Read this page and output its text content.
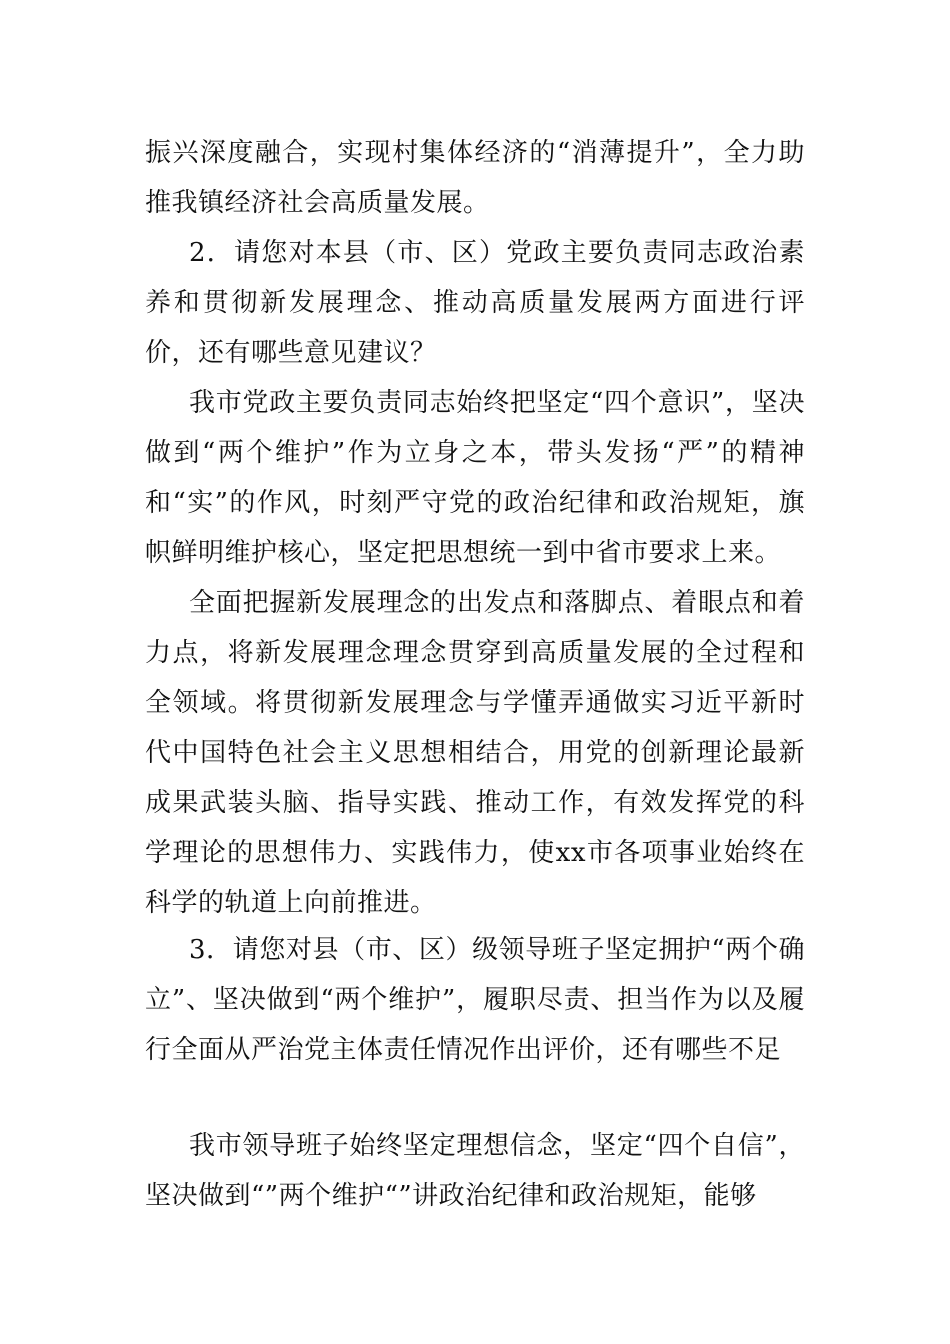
振兴深度融合，实现村集体经济的“消薄提升”，全力助推我镇经济社会高质量发展。

2．请您对本县（市、区）党政主要负责同志政治素养和贯彻新发展理念、推动高质量发展两方面进行评价，还有哪些意见建议？

我市党政主要负责同志始终把坚定“四个意识”，坚决做到“两个维护”作为立身之本，带头发扬“严”的精神和“实”的作风，时刻严守党的政治纪律和政治规矩，旗帜鲜明维护核心，坚定把思想统一到中省市要求上来。

全面把握新发展理念的出发点和落脚点、着眼点和着力点，将新发展理念理念贯穿到高质量发展的全过程和全领域。将贯彻新发展理念与学懂弄通做实习近平新时代中国特色社会主义思想相结合，用党的创新理论最新成果武装头脑、指导实践、推动工作，有效发挥党的科学理论的思想伟力、实践伟力，使xx市各项事业始终在科学的轨道上向前推进。

3．请您对县（市、区）级领导班子坚定拥护“两个确立”、坚决做到“两个维护”，履职尽责、担当作为以及履行全面从严治党主体责任情况作出评价，还有哪些不足

我市领导班子始终坚定理想信念，坚定“四个自信”，坚决做到“”两个维护“”讲政治纪律和政治规矩，能够
